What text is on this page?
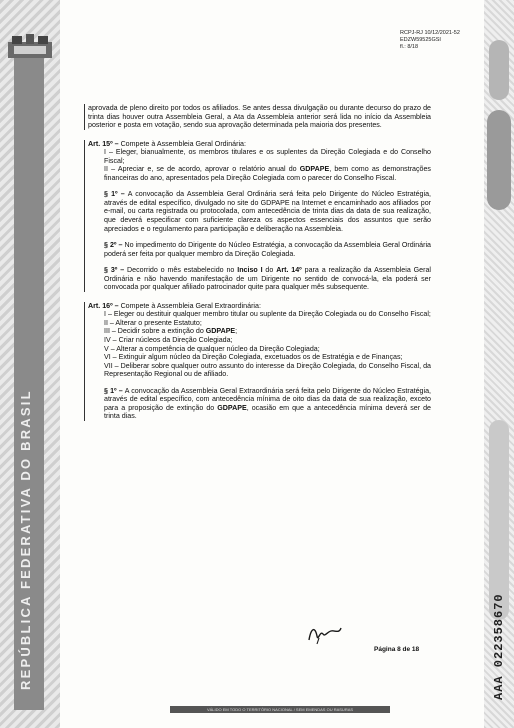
REPÚBLICA FEDERATIVA DO BRASIL	AAA 022358670
RCPJ-RJ 10/12/2021-52
EDZW59525GSI
fl.: 8/18

aprovada de pleno direito por todos os afiliados. Se antes dessa divulgação ou durante decurso do prazo de trinta dias houver outra Assembleia Geral, a Ata da Assembleia anterior será lida no início da Assembleia posterior e posta em votação, sendo sua aprovação determinada pela maioria dos presentes.

Art. 15º – Compete à Assembleia Geral Ordinária:

I – Eleger, bianualmente, os membros titulares e os suplentes da Direção Colegiada e do Conselho Fiscal;

II – Apreciar e, se de acordo, aprovar o relatório anual do GDPAPE, bem como as demonstrações financeiras do ano, apresentados pela Direção Colegiada com o parecer do Conselho Fiscal.

§ 1º – A convocação da Assembleia Geral Ordinária será feita pelo Dirigente do Núcleo Estratégia, através de edital específico, divulgado no site do GDPAPE na Internet e encaminhado aos afiliados por e-mail, ou carta registrada ou protocolada, com antecedência de trinta dias da data de sua realização, que deverá especificar com suficiente clareza os aspectos essenciais dos assuntos que serão apreciados e o regulamento para participação e deliberação na Assembleia.

§ 2º – No impedimento do Dirigente do Núcleo Estratégia, a convocação da Assembleia Geral Ordinária poderá ser feita por qualquer membro da Direção Colegiada.

§ 3º – Decorrido o mês estabelecido no Inciso I do Art. 14º para a realização da Assembleia Geral Ordinária e não havendo manifestação de um Dirigente no sentido de convocá-la, ela poderá ser convocada por qualquer afiliado patrocinador quite para qualquer mês subsequente.

Art. 16º – Compete à Assembleia Geral Extraordinária:

I – Eleger ou destituir qualquer membro titular ou suplente da Direção Colegiada ou do Conselho Fiscal;

II – Alterar o presente Estatuto;

III – Decidir sobre a extinção do GDPAPE;

IV – Criar núcleos da Direção Colegiada;

V – Alterar a competência de qualquer núcleo da Direção Colegiada;

VI – Extinguir algum núcleo da Direção Colegiada, excetuados os de Estratégia e de Finanças;

VII – Deliberar sobre qualquer outro assunto do interesse da Direção Colegiada, do Conselho Fiscal, da Representação Regional ou de afiliado.

§ 1º – A convocação da Assembleia Geral Extraordinária será feita pelo Dirigente do Núcleo Estratégia, através de edital específico, com antecedência mínima de oito dias da data de sua realização, exceto para a proposição de extinção do GDPAPE, ocasião em que a antecedência mínima deverá ser de trinta dias.

Página 8 de 18
VÁLIDO EM TODO O TERRITÓRIO NACIONAL / SEM EMENDAS OU RASURAS
